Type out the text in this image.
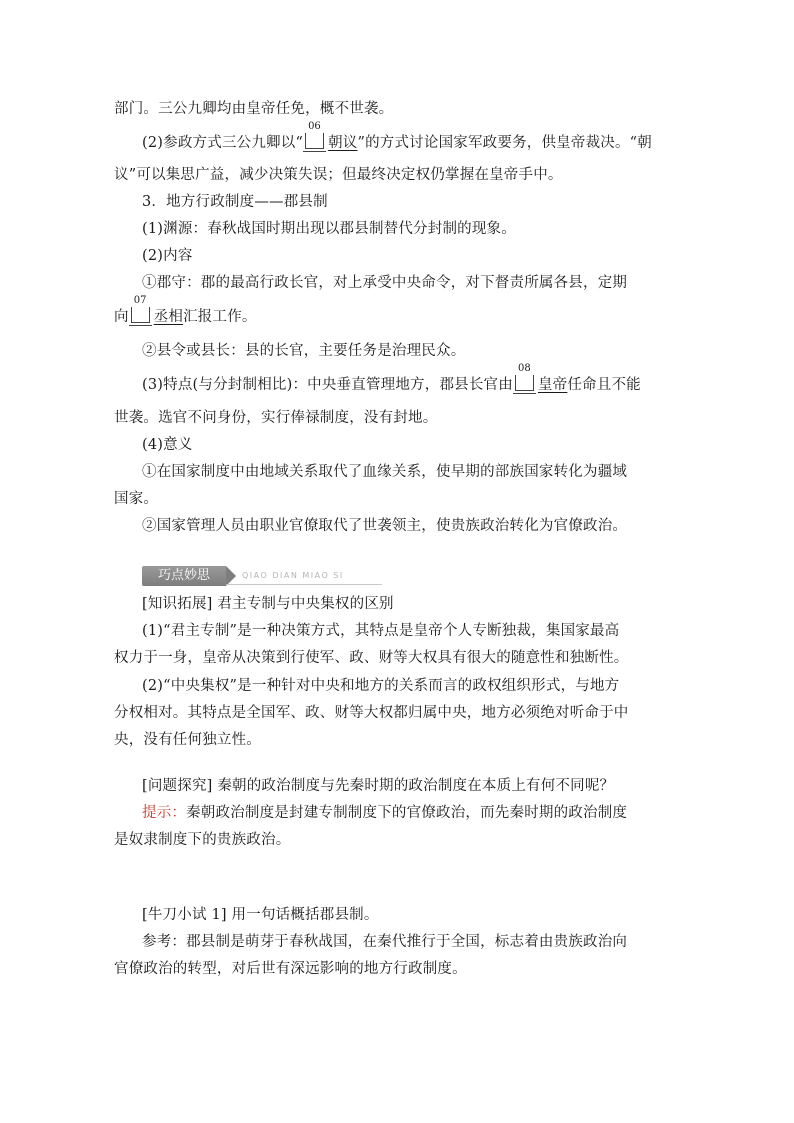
部门。三公九卿均由皇帝任免，概不世袭。
(2)参政方式三公九卿以“
06
朝议”的方式讨论国家军政要务，供皇帝裁决。“朝
议”可以集思广益，减少决策失误；但最终决定权仍掌握在皇帝手中。
3．地方行政制度——郡县制
(1)渊源：春秋战国时期出现以郡县制替代分封制的现象。
(2)内容
①郡守：郡的最高行政长官，对上承受中央命令，对下督责所属各县，定期
向
07
丞相汇报工作。
②县令或县长：县的长官，主要任务是治理民众。
(3)特点(与分封制相比)：中央垂直管理地方，郡县长官由
08
皇帝任命且不能
世袭。选官不问身份，实行俸禄制度，没有封地。
(4)意义
①在国家制度中由地域关系取代了血缘关系，使早期的部族国家转化为疆域
国家。
②国家管理人员由职业官僚取代了世袭领主，使贵族政治转化为官僚政治。
巧点妙思	QIAO DIAN MIAO SI
[知识拓展] 君主专制与中央集权的区别
(1)“君主专制”是一种决策方式，其特点是皇帝个人专断独裁，集国家最高
权力于一身，皇帝从决策到行使军、政、财等大权具有很大的随意性和独断性。
(2)“中央集权”是一种针对中央和地方的关系而言的政权组织形式，与地方
分权相对。其特点是全国军、政、财等大权都归属中央，地方必须绝对听命于中
央，没有任何独立性。
[问题探究] 秦朝的政治制度与先秦时期的政治制度在本质上有何不同呢？
提示：秦朝政治制度是封建专制制度下的官僚政治，而先秦时期的政治制度
是奴隶制度下的贵族政治。
[牛刀小试 1] 用一句话概括郡县制。
参考：郡县制是萌芽于春秋战国，在秦代推行于全国，标志着由贵族政治向
官僚政治的转型，对后世有深远影响的地方行政制度。
